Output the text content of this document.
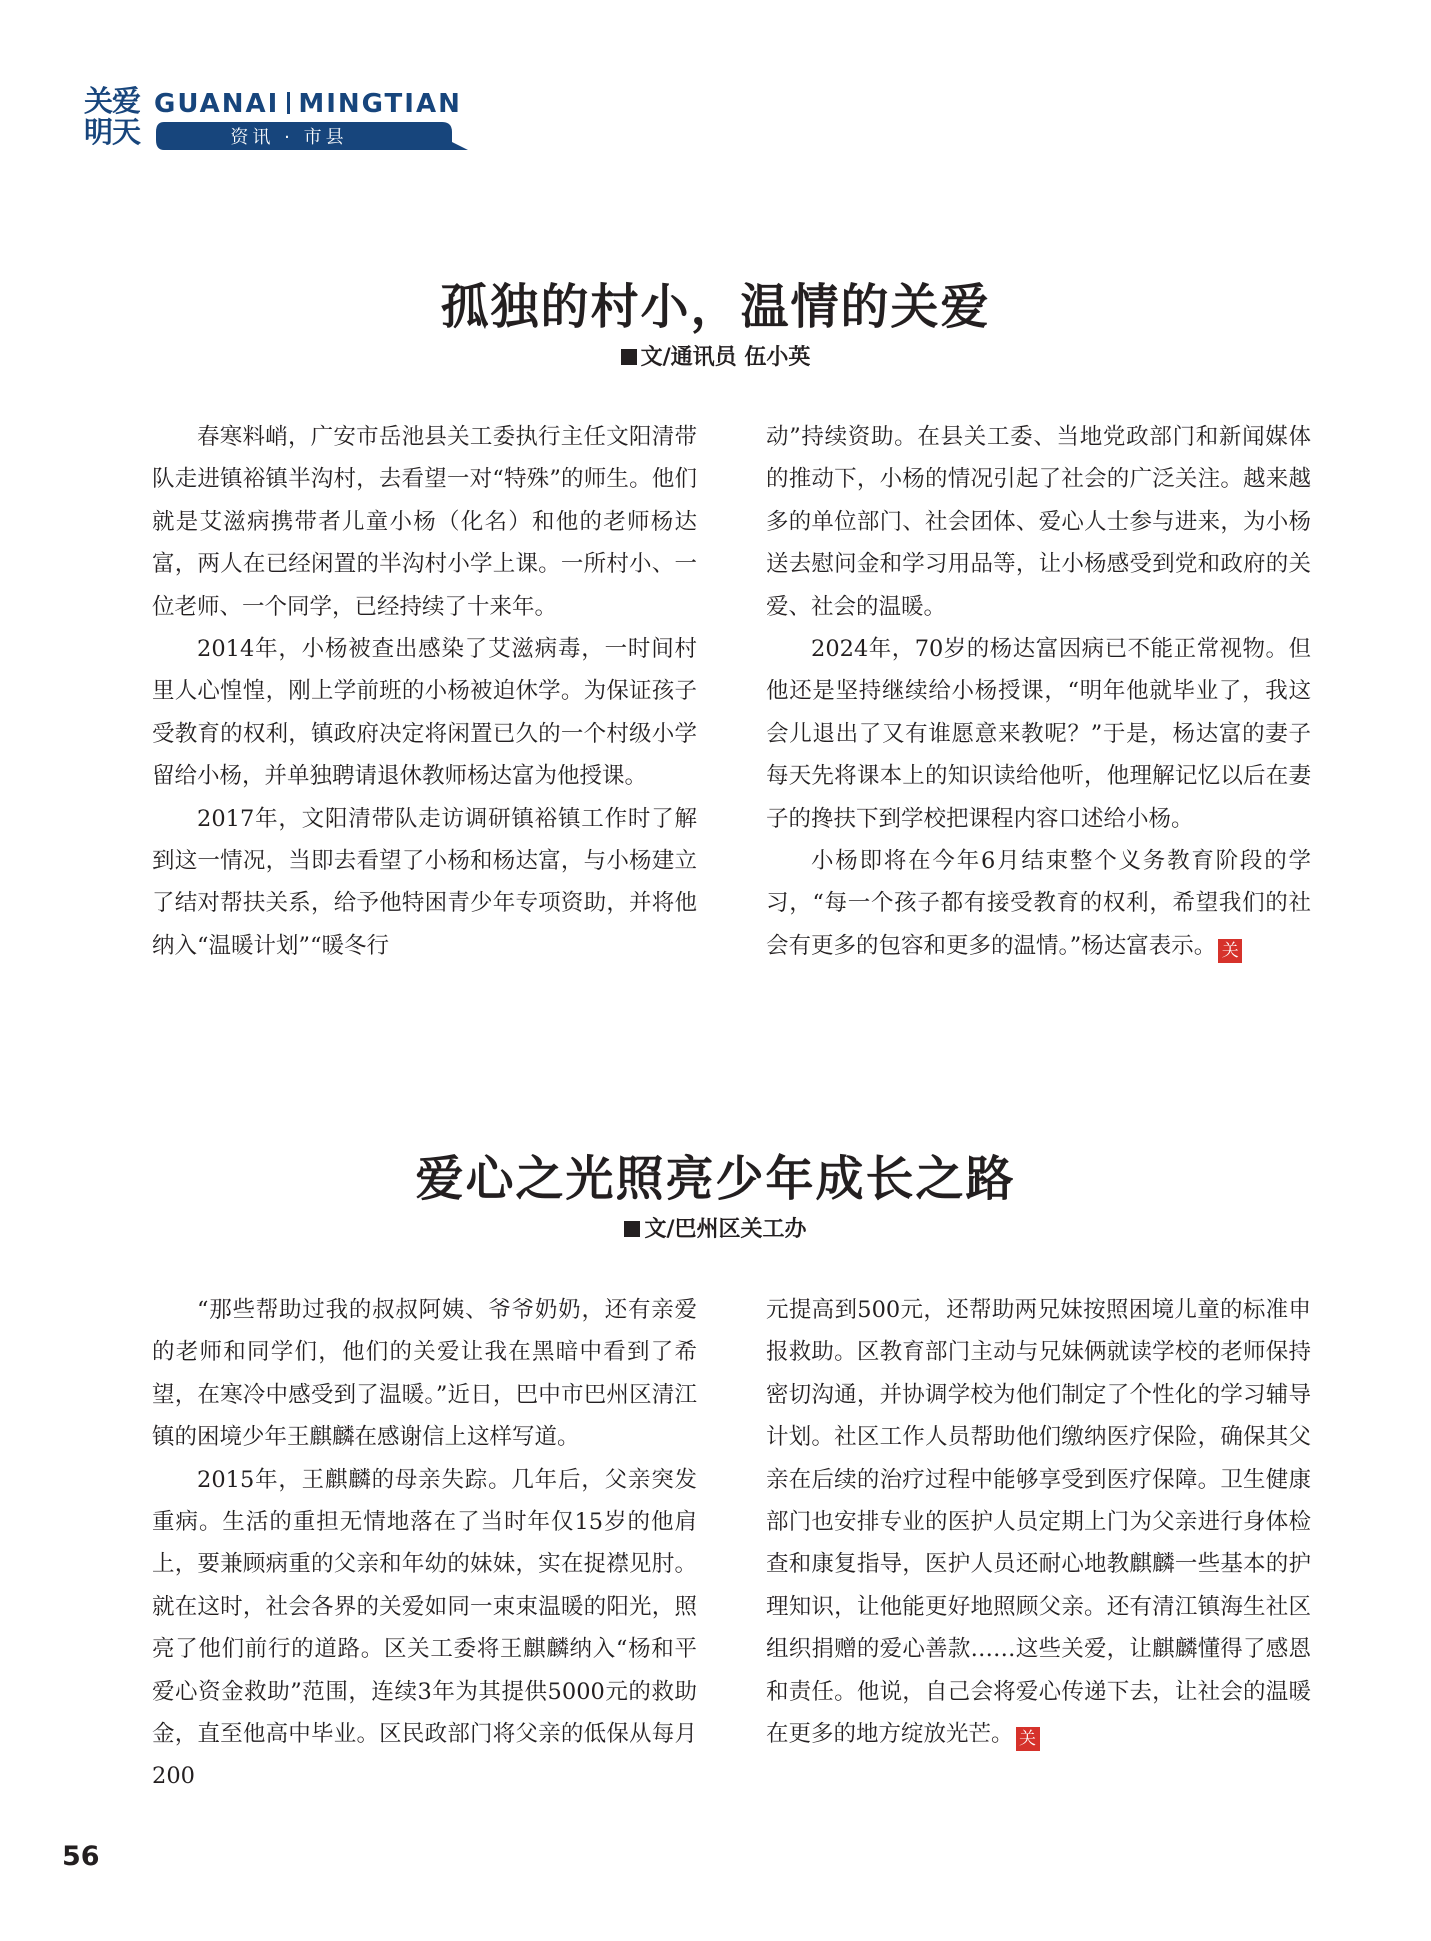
关爱
明天
GUANAI MINGTIAN
资讯 · 市县
孤独的村小，温情的关爱
文/通讯员 伍小英

春寒料峭，广安市岳池县关工委执行主任文阳清带队走进镇裕镇半沟村，去看望一对“特殊”的师生。他们就是艾滋病携带者儿童小杨（化名）和他的老师杨达富，两人在已经闲置的半沟村小学上课。一所村小、一位老师、一个同学，已经持续了十来年。

2014年，小杨被查出感染了艾滋病毒，一时间村里人心惶惶，刚上学前班的小杨被迫休学。为保证孩子受教育的权利，镇政府决定将闲置已久的一个村级小学留给小杨，并单独聘请退休教师杨达富为他授课。

2017年，文阳清带队走访调研镇裕镇工作时了解到这一情况，当即去看望了小杨和杨达富，与小杨建立了结对帮扶关系，给予他特困青少年专项资助，并将他纳入“温暖计划”“暖冬行

动”持续资助。在县关工委、当地党政部门和新闻媒体的推动下，小杨的情况引起了社会的广泛关注。越来越多的单位部门、社会团体、爱心人士参与进来，为小杨送去慰问金和学习用品等，让小杨感受到党和政府的关爱、社会的温暖。

2024年，70岁的杨达富因病已不能正常视物。但他还是坚持继续给小杨授课，“明年他就毕业了，我这会儿退出了又有谁愿意来教呢？”于是，杨达富的妻子每天先将课本上的知识读给他听，他理解记忆以后在妻子的搀扶下到学校把课程内容口述给小杨。

小杨即将在今年6月结束整个义务教育阶段的学习，“每一个孩子都有接受教育的权利，希望我们的社会有更多的包容和更多的温情。”杨达富表示。 关

爱心之光照亮少年成长之路
文/巴州区关工办

“那些帮助过我的叔叔阿姨、爷爷奶奶，还有亲爱的老师和同学们，他们的关爱让我在黑暗中看到了希望，在寒冷中感受到了温暖。”近日，巴中市巴州区清江镇的困境少年王麒麟在感谢信上这样写道。

2015年，王麒麟的母亲失踪。几年后，父亲突发重病。生活的重担无情地落在了当时年仅15岁的他肩上，要兼顾病重的父亲和年幼的妹妹，实在捉襟见肘。就在这时，社会各界的关爱如同一束束温暖的阳光，照亮了他们前行的道路。区关工委将王麒麟纳入“杨和平爱心资金救助”范围，连续3年为其提供5000元的救助金，直至他高中毕业。区民政部门将父亲的低保从每月200

元提高到500元，还帮助两兄妹按照困境儿童的标准申报救助。区教育部门主动与兄妹俩就读学校的老师保持密切沟通，并协调学校为他们制定了个性化的学习辅导计划。社区工作人员帮助他们缴纳医疗保险，确保其父亲在后续的治疗过程中能够享受到医疗保障。卫生健康部门也安排专业的医护人员定期上门为父亲进行身体检查和康复指导，医护人员还耐心地教麒麟一些基本的护理知识，让他能更好地照顾父亲。还有清江镇海生社区组织捐赠的爱心善款……这些关爱，让麒麟懂得了感恩和责任。他说，自己会将爱心传递下去，让社会的温暖在更多的地方绽放光芒。 关

56
